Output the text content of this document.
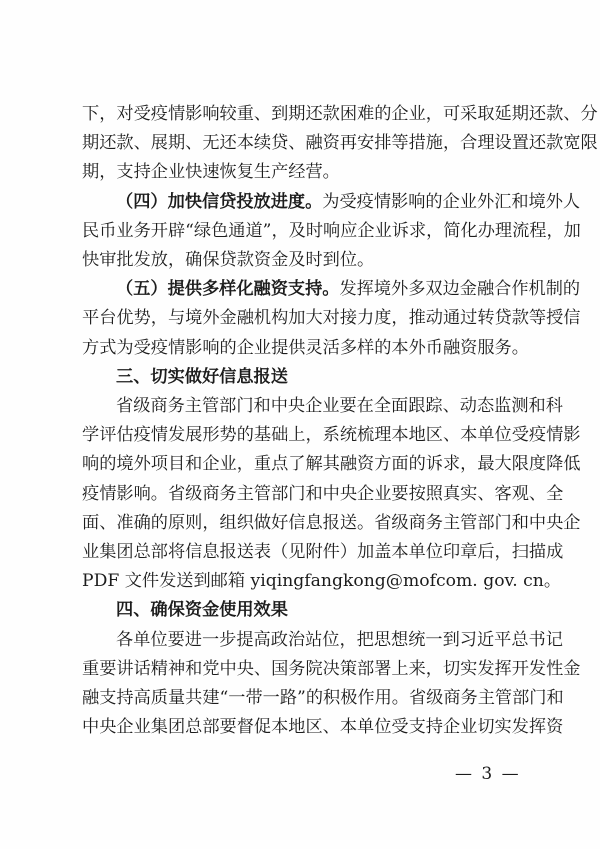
下，对受疫情影响较重、到期还款困难的企业，可采取延期还款、分
期还款、展期、无还本续贷、融资再安排等措施，合理设置还款宽限
期，支持企业快速恢复生产经营。
（四）加快信贷投放进度。为受疫情影响的企业外汇和境外人
民币业务开辟“绿色通道”，及时响应企业诉求，简化办理流程，加
快审批发放，确保贷款资金及时到位。
（五）提供多样化融资支持。发挥境外多双边金融合作机制的
平台优势，与境外金融机构加大对接力度，推动通过转贷款等授信
方式为受疫情影响的企业提供灵活多样的本外币融资服务。
三、切实做好信息报送
省级商务主管部门和中央企业要在全面跟踪、动态监测和科
学评估疫情发展形势的基础上，系统梳理本地区、本单位受疫情影
响的境外项目和企业，重点了解其融资方面的诉求，最大限度降低
疫情影响。省级商务主管部门和中央企业要按照真实、客观、全
面、准确的原则，组织做好信息报送。省级商务主管部门和中央企
业集团总部将信息报送表（见附件）加盖本单位印章后，扫描成
PDF 文件发送到邮箱 yiqingfangkong@mofcom. gov. cn。
四、确保资金使用效果
各单位要进一步提高政治站位，把思想统一到习近平总书记
重要讲话精神和党中央、国务院决策部署上来，切实发挥开发性金
融支持高质量共建“一带一路”的积极作用。省级商务主管部门和
中央企业集团总部要督促本地区、本单位受支持企业切实发挥资
— 3 —
